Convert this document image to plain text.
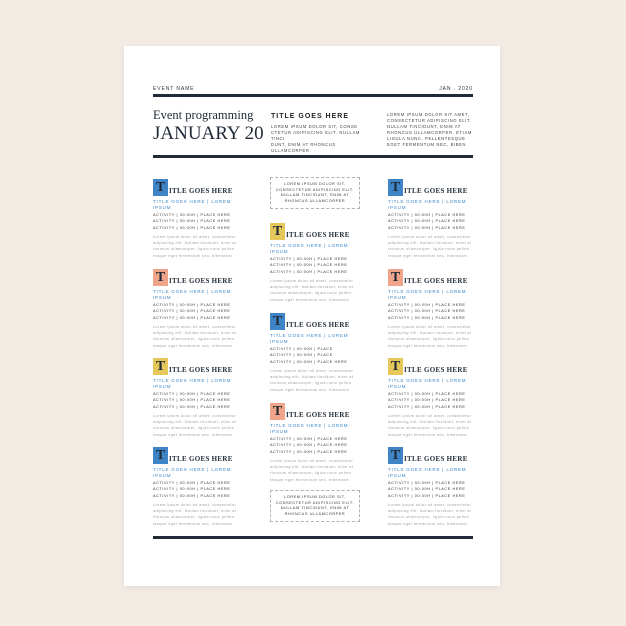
EVENT NAME	JAN . 2020
Event programming
JANUARY 20
TITLE GOES HERE
LOREM IPSUM DOLOR SIT, CONSE
CTETUR ADIPISCING ELIT. NULLAM TINCI
DUNT, ENIM AT RHONCUS ULLAMCORPER
LOREM IPSUM DOLOR SIT AMET,
CONSECTETUR ADIPISCING ELIT.
NULLAM TINCIDUNT, ENIM AT
RHONCUS ULLAMCORPER. ETIAM
LIGULA NUNC, PELLENTESQUE
EGET FERMENTUM NEC, BIBEN
T ITLE GOES HERE
TITLE GOES HERE | LOREM IPSUM
ACTIVITY | 00:00H | PLACE HERE
ACTIVITY | 00:00H | PLACE HERE
ACTIVITY | 00:00H | PLACE HERE
Lorem ipsum dolor sit amet, consectetur
adipiscing elit. Nullam tincidunt, enim at
rhoncus ullamcorper, ligula nunc pellen
tesque eget fermentum nec, bibendum
T ITLE GOES HERE
TITLE GOES HERE | LOREM IPSUM
ACTIVITY | 00:00H | PLACE HERE
ACTIVITY | 00:00H | PLACE HERE
ACTIVITY | 00:00H | PLACE HERE
Lorem ipsum dolor sit amet, consectetur
adipiscing elit. Nullam tincidunt, enim at
rhoncus ullamcorper, ligula nunc pellen
tesque eget fermentum nec, bibendum
T ITLE GOES HERE
TITLE GOES HERE | LOREM IPSUM
ACTIVITY | 00:00H | PLACE HERE
ACTIVITY | 00:00H | PLACE HERE
ACTIVITY | 00:00H | PLACE HERE
Lorem ipsum dolor sit amet, consectetur
adipiscing elit. Nullam tincidunt, enim at
rhoncus ullamcorper, ligula nunc pellen
tesque eget fermentum nec, bibendum
T ITLE GOES HERE
TITLE GOES HERE | LOREM IPSUM
ACTIVITY | 00:00H | PLACE HERE
ACTIVITY | 00:00H | PLACE HERE
ACTIVITY | 00:00H | PLACE HERE
Lorem ipsum dolor sit amet, consectetur
adipiscing elit. Nullam tincidunt, enim at
rhoncus ullamcorper, ligula nunc pellen
tesque eget fermentum nec, bibendum
T ITLE GOES HERE
TITLE GOES HERE | LOREM IPSUM
ACTIVITY | 00:00H | PLACE HERE
ACTIVITY | 00:00H | PLACE HERE
ACTIVITY | 00:00H | PLACE HERE
Lorem ipsum dolor sit amet, consectetur
adipiscing elit. Nullam tincidunt, enim at
rhoncus ullamcorper, ligula nunc pellen
tesque eget fermentum nec, bibendum
T ITLE GOES HERE
TITLE GOES HERE | LOREM IPSUM
ACTIVITY | 00:00H | PLACE
ACTIVITY | 00:00H | PLACE
ACTIVITY | 00:00H | PLACE HERE
Lorem ipsum dolor sit amet, consectetur
adipiscing elit. Nullam tincidunt, enim at
rhoncus ullamcorper, ligula nunc pellen
tesque eget fermentum nec, bibendum
T ITLE GOES HERE
TITLE GOES HERE | LOREM IPSUM
ACTIVITY | 00:00H | PLACE HERE
ACTIVITY | 00:00H | PLACE HERE
ACTIVITY | 00:00H | PLACE HERE
Lorem ipsum dolor sit amet, consectetur
adipiscing elit. Nullam tincidunt, enim at
rhoncus ullamcorper, ligula nunc pellen
tesque eget fermentum nec, bibendum
T ITLE GOES HERE
TITLE GOES HERE | LOREM IPSUM
ACTIVITY | 00:00H | PLACE HERE
ACTIVITY | 00:00H | PLACE HERE
ACTIVITY | 00:00H | PLACE HERE
Lorem ipsum dolor sit amet, consectetur
adipiscing elit. Nullam tincidunt, enim at
rhoncus ullamcorper, ligula nunc pellen
tesque eget fermentum nec, bibendum
T ITLE GOES HERE
TITLE GOES HERE | LOREM IPSUM
ACTIVITY | 00:00H | PLACE HERE
ACTIVITY | 00:00H | PLACE HERE
ACTIVITY | 00:00H | PLACE HERE
Lorem ipsum dolor sit amet, consectetur
adipiscing elit. Nullam tincidunt, enim at
rhoncus ullamcorper, ligula nunc pellen
tesque eget fermentum nec, bibendum
T ITLE GOES HERE
TITLE GOES HERE | LOREM IPSUM
ACTIVITY | 00:00H | PLACE HERE
ACTIVITY | 00:00H | PLACE HERE
ACTIVITY | 00:00H | PLACE HERE
Lorem ipsum dolor sit amet, consectetur
adipiscing elit. Nullam tincidunt, enim at
rhoncus ullamcorper, ligula nunc pellen
tesque eget fermentum nec, bibendum
T ITLE GOES HERE
TITLE GOES HERE | LOREM IPSUM
ACTIVITY | 00:00H | PLACE HERE
ACTIVITY | 00:00H | PLACE HERE
ACTIVITY | 00:00H | PLACE HERE
Lorem ipsum dolor sit amet, consectetur
adipiscing elit. Nullam tincidunt, enim at
rhoncus ullamcorper, ligula nunc pellen
tesque eget fermentum nec, bibendum
LOREM IPSUM DOLOR SIT,
CONSECTETUR ADIPISCING ELIT.
NULLAM TINCIDUNT, ENIM AT
RHONCUS ULLAMCORPER
LOREM IPSUM DOLOR SIT,
CONSECTETUR ADIPISCING ELIT.
NULLAM TINCIDUNT, ENIM AT
RHONCUS ULLAMCORPER
